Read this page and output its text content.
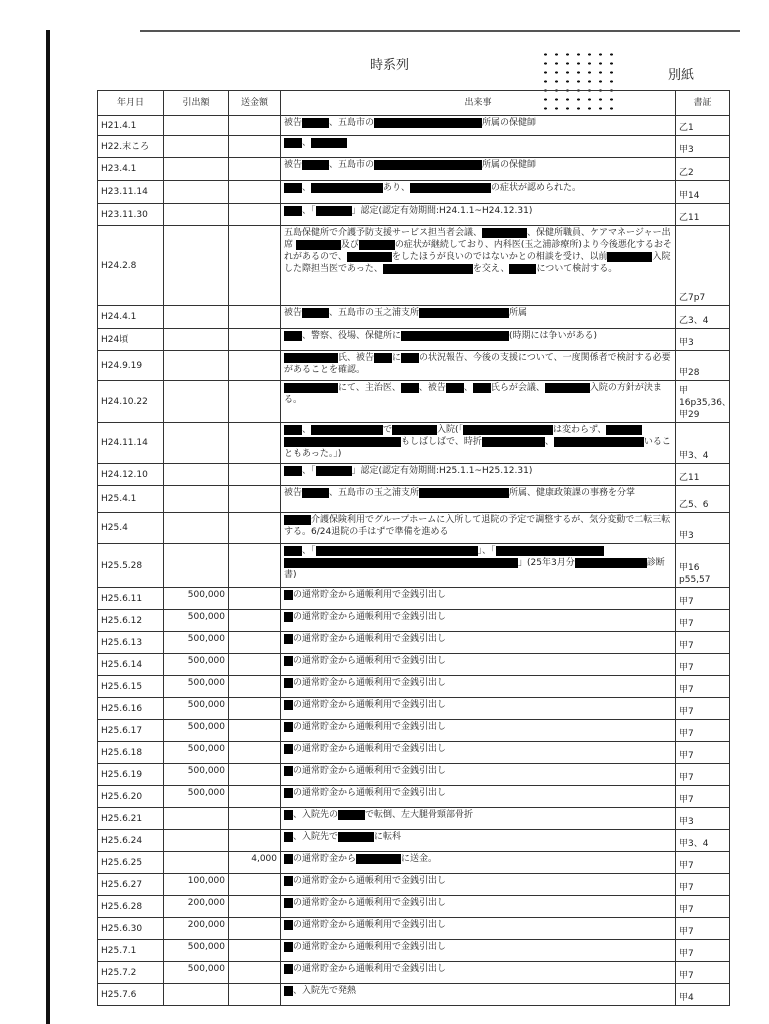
時系列
別紙
年月日	引出額	送金額	出来事	書証
H21.4.1			被告 、五島市の 所属の保健師	乙1
H22.末ころ			、	甲3
H23.4.1			被告 、五島市の 所属の保健師	乙2
H23.11.14			、 あり、 の症状が認められた。	甲14
H23.11.30			、「 」認定(認定有効期間:H24.1.1~H24.12.31)	乙11
H24.2.8			五島保健所で介護予防支援サービス担当者会議、 、保健所職員、ケアマネージャー出席 及び の症状が継続しており、内科医(玉之浦診療所)より今後悪化するおそれがあるので、 をしたほうが良いのではないかとの相談を受け、以前 入院した際担当医であった、 を交え、 について検討する。	乙7p7
H24.4.1			被告 、五島市の玉之浦支所 所属	乙3、4
H24頃			、警察、役場、保健所に (時期には争いがある)	甲3
H24.9.19			氏、被告 に の状況報告、今後の支援について、一度関係者で検討する必要があることを確認。	甲28
H24.10.22			にて、主治医、 、被告 、 氏らが会議、 入院の方針が決まる。	甲16p35,36、甲29
H24.11.14			、 で 入院(「 は変わらず、もしばしばで、時折 、 いることもあった。」)	甲3、4
H24.12.10			、「 」認定(認定有効期間:H25.1.1~H25.12.31)	乙11
H25.4.1			被告 、五島市の玉之浦支所 所属、健康政策課の事務を分掌	乙5、6
H25.4			介護保険利用でグループホームに入所して退院の予定で調整するが、気分変動で二転三転する。6/24退院の手はずで準備を進める	甲3
H25.5.28			、「 」、「」(25年3月分 診断書)	甲16 p55,57
H25.6.11	500,000		の通常貯金から通帳利用で金銭引出し	甲7
H25.6.12	500,000		の通常貯金から通帳利用で金銭引出し	甲7
H25.6.13	500,000		の通常貯金から通帳利用で金銭引出し	甲7
H25.6.14	500,000		の通常貯金から通帳利用で金銭引出し	甲7
H25.6.15	500,000		の通常貯金から通帳利用で金銭引出し	甲7
H25.6.16	500,000		の通常貯金から通帳利用で金銭引出し	甲7
H25.6.17	500,000		の通常貯金から通帳利用で金銭引出し	甲7
H25.6.18	500,000		の通常貯金から通帳利用で金銭引出し	甲7
H25.6.19	500,000		の通常貯金から通帳利用で金銭引出し	甲7
H25.6.20	500,000		の通常貯金から通帳利用で金銭引出し	甲7
H25.6.21			、入院先の で転倒、左大腿骨頸部骨折	甲3
H25.6.24			、入院先で に転科	甲3、4
H25.6.25		4,000	の通常貯金から に送金。	甲7
H25.6.27	100,000		の通常貯金から通帳利用で金銭引出し	甲7
H25.6.28	200,000		の通常貯金から通帳利用で金銭引出し	甲7
H25.6.30	200,000		の通常貯金から通帳利用で金銭引出し	甲7
H25.7.1	500,000		の通常貯金から通帳利用で金銭引出し	甲7
H25.7.2	500,000		の通常貯金から通帳利用で金銭引出し	甲7
H25.7.6			、入院先で発熱	甲4
